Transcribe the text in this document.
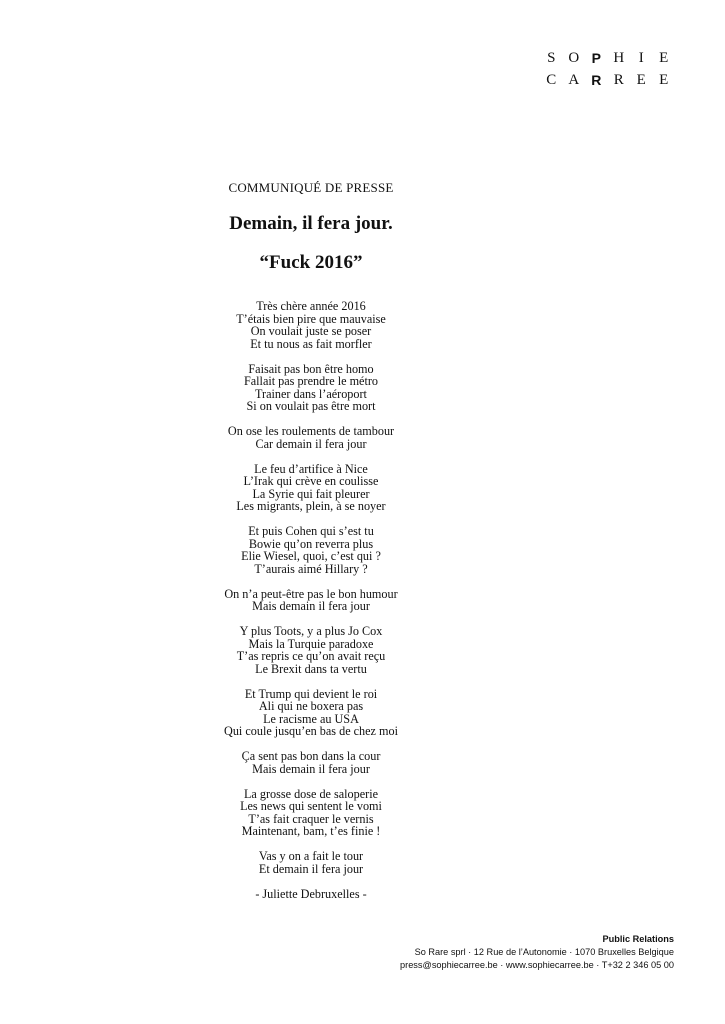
S O P H I	E
C A R R E E
COMMUNIQUÉ DE PRESSE
Demain, il fera jour.
“Fuck 2016”
Très chère année 2016
T’étais bien pire que mauvaise
On voulait juste se poser
Et tu nous as fait morfler
Faisait pas bon être homo
Fallait pas prendre le métro
Trainer dans l’aéroport
Si on voulait pas être mort
On ose les roulements de tambour
Car demain il fera jour
Le feu d’artifice à Nice
L’Irak qui crève en coulisse
La Syrie qui fait pleurer
Les migrants, plein, à se noyer
Et puis Cohen qui s’est tu
Bowie qu’on reverra plus
Elie Wiesel, quoi, c’est qui ?
T’aurais aimé Hillary ?
On n’a peut-être pas le bon humour
Mais demain il fera jour
Y plus Toots, y a plus Jo Cox
Mais la Turquie paradoxe
T’as repris ce qu’on avait reçu
Le Brexit dans ta vertu
Et Trump qui devient le roi
Ali qui ne boxera pas
Le racisme au USA
Qui coule jusqu’en bas de chez moi
Ça sent pas bon dans la cour
Mais demain il fera jour
La grosse dose de saloperie
Les news qui sentent le vomi
T’as fait craquer le vernis
Maintenant, bam, t’es finie !
Vas y on a fait le tour
Et demain il fera jour
- Juliette Debruxelles -
Public Relations
So Rare sprl · 12 Rue de l’Autonomie · 1070 Bruxelles Belgique
press@sophiecarree.be · www.sophiecarree.be · T+32 2 346 05 00
